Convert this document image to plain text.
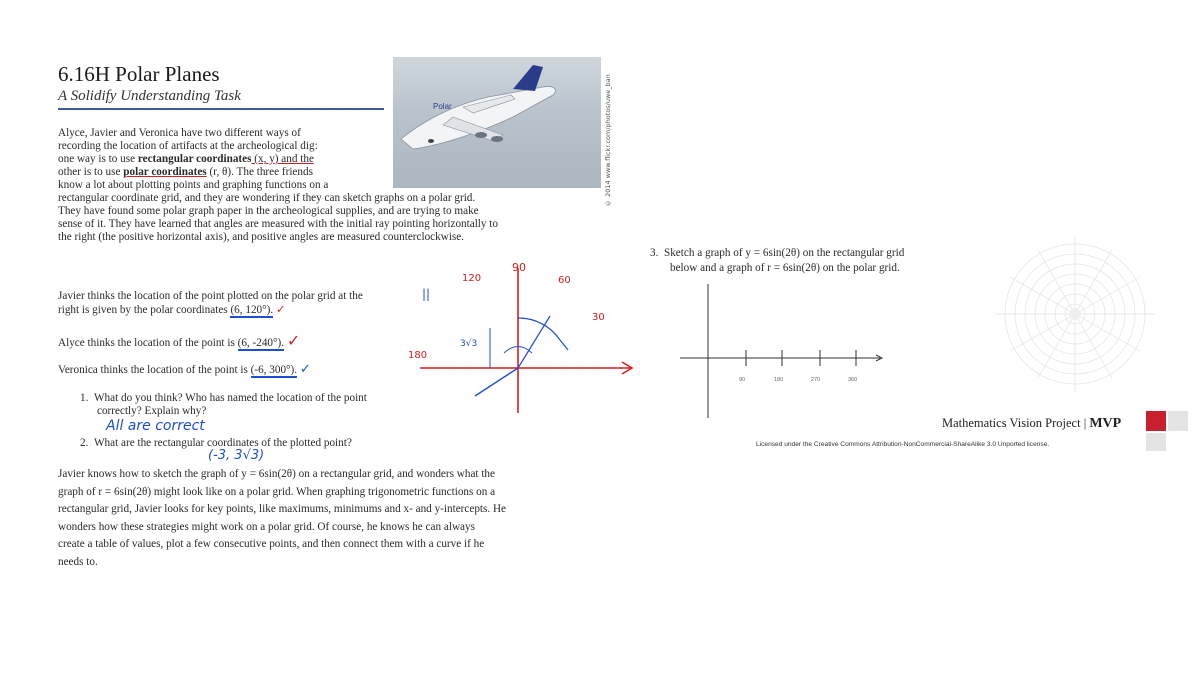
6.16H Polar Planes
A Solidify Understanding Task
Polar	© 2014 www.flickr.com/photos/uwe_ban
Alyce, Javier and Veronica have two different ways of
recording the location of artifacts at the archeological dig:
one way is to use rectangular coordinates (x, y) and the
other is to use polar coordinates (r, θ). The three friends
know a lot about plotting points and graphing functions on a
rectangular coordinate grid, and they are wondering if they can sketch graphs on a polar grid.
They have found some polar graph paper in the archeological supplies, and are trying to make
sense of it. They have learned that angles are measured with the initial ray pointing horizontally to
the right (the positive horizontal axis), and positive angles are measured counterclockwise.
Javier thinks the location of the point plotted on the polar grid at the
right is given by the polar coordinates (6, 120°). ✓
Alyce thinks the location of the point is (6, -240°). ✓
Veronica thinks the location of the point is (-6, 300°). ✓
1. What do you think? Who has named the location of the point
correctly? Explain why?
All are correct
2. What are the rectangular coordinates of the plotted point?
(-3, 3√3)
90
120	60
30
180
3√3
||
Javier knows how to sketch the graph of y = 6sin(2θ) on a rectangular grid, and wonders what the
graph of r = 6sin(2θ) might look like on a polar grid. When graphing trigonometric functions on a
rectangular grid, Javier looks for key points, like maximums, minimums and x- and y-intercepts. He
wonders how these strategies might work on a polar grid. Of course, he knows he can always
create a table of values, plot a few consecutive points, and then connect them with a curve if he
needs to.
3. Sketch a graph of y = 6sin(2θ) on the rectangular grid
below and a graph of r = 6sin(2θ) on the polar grid.
90	180	270	360
Mathematics Vision Project | MVP
Licensed under the Creative Commons Attribution-NonCommercial-ShareAlike 3.0 Unported license.
